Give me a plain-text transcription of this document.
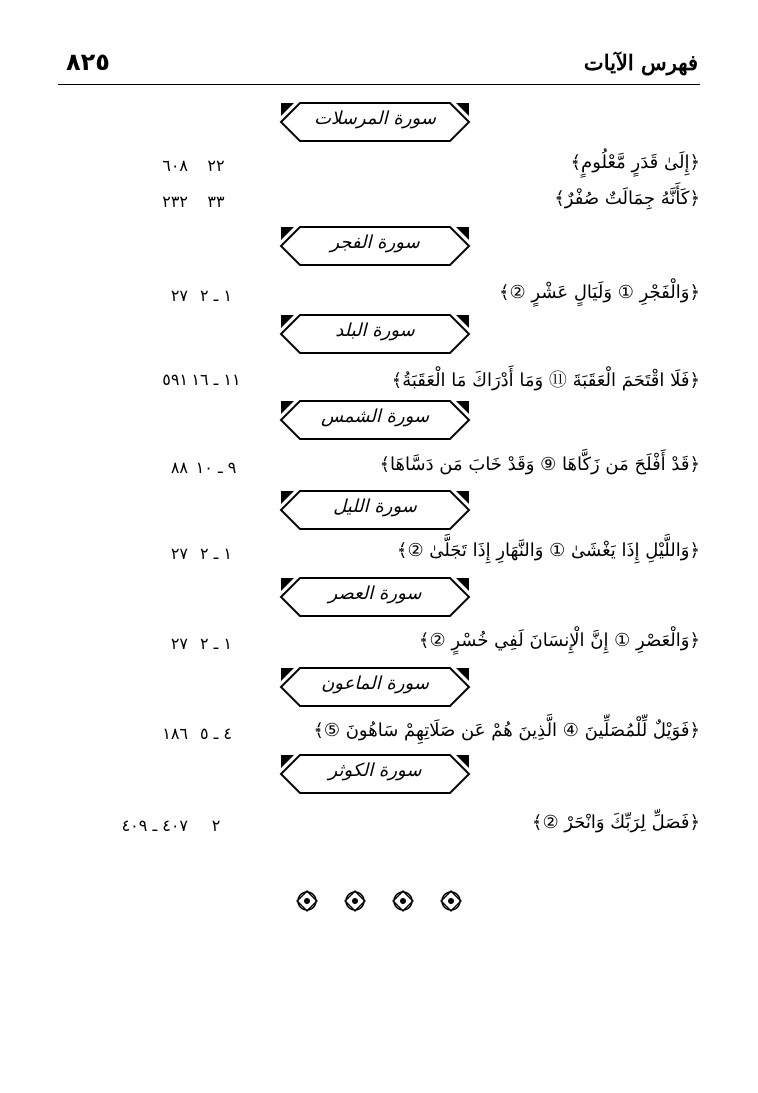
٨٢٥	فهرس الآيات
سورة المرسلات
﴿إِلَىٰ قَدَرٍ مَّعْلُومٍ﴾
٢٢
٦٠٨
﴿كَأَنَّهُ جِمَالَتٌ صُفْرٌ﴾
٣٣
٢٣٢
سورة الفجر
﴿وَالْفَجْرِ ① وَلَيَالٍ عَشْرٍ ②﴾
١ ـ ٢
٢٧
سورة البلد
﴿فَلَا اقْتَحَمَ الْعَقَبَةَ ⑪ وَمَا أَدْرَاكَ مَا الْعَقَبَةُ﴾
١١ ـ ١٦
٥٩١
سورة الشمس
﴿قَدْ أَفْلَحَ مَن زَكَّاهَا ⑨ وَقَدْ خَابَ مَن دَسَّاهَا﴾
٩ ـ ١٠
٨٨
سورة الليل
﴿وَاللَّيْلِ إِذَا يَغْشَىٰ ① وَالنَّهَارِ إِذَا تَجَلَّىٰ ②﴾
١ ـ ٢
٢٧
سورة العصر
﴿وَالْعَصْرِ ① إِنَّ الْإِنسَانَ لَفِي خُسْرٍ ②﴾
١ ـ ٢
٢٧
سورة الماعون
﴿فَوَيْلٌ لِّلْمُصَلِّينَ ④ الَّذِينَ هُمْ عَن صَلَاتِهِمْ سَاهُونَ ⑤﴾
٤ ـ ٥
١٨٦
سورة الكوثر
﴿فَصَلِّ لِرَبِّكَ وَانْحَرْ ②﴾
٢
٤٠٧ ـ ٤٠٩
